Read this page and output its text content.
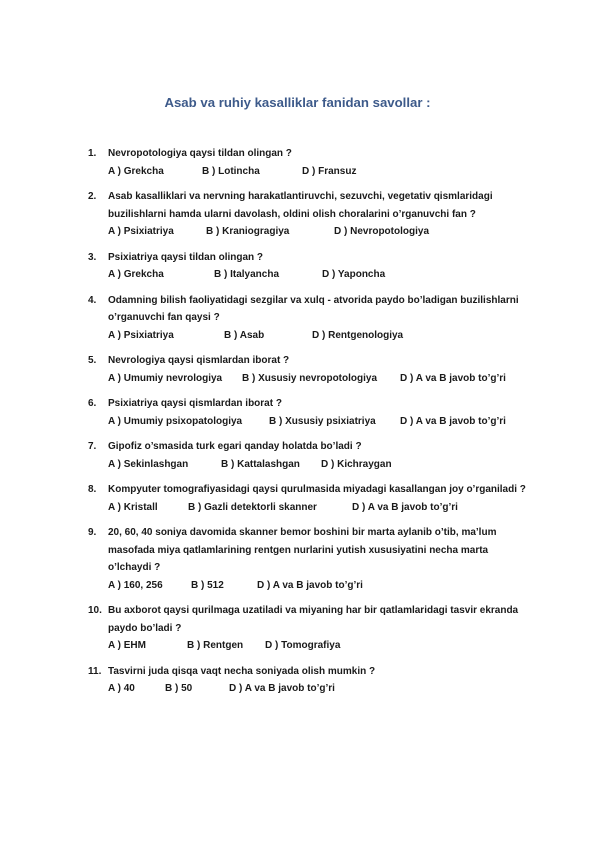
Asab va ruhiy kasalliklar fanidan savollar :
1. Nevropotologiya qaysi tildan olingan ?
A ) Grekcha	B ) Lotincha	D ) Fransuz
2. Asab kasalliklari va nervning harakatlantiruvchi, sezuvchi, vegetativ qismlaridagi buzilishlarni hamda ularni davolash, oldini olish choralarini o’rganuvchi fan ?
A ) Psixiatriya	B ) Kraniogragiya	D ) Nevropotologiya
3. Psixiatriya qaysi tildan olingan ?
A ) Grekcha	B ) Italyancha	D ) Yaponcha
4. Odamning bilish faoliyatidagi sezgilar va xulq - atvorida paydo bo’ladigan buzilishlarni o’rganuvchi fan qaysi ?
A ) Psixiatriya	B ) Asab	D ) Rentgenologiya
5. Nevrologiya qaysi qismlardan iborat ?
A ) Umumiy nevrologiya	B ) Xususiy nevropotologiya	D ) A va B javob to’g’ri
6. Psixiatriya qaysi qismlardan iborat ?
A ) Umumiy psixopatologiya	B ) Xususiy psixiatriya	D ) A va B javob to’g’ri
7. Gipofiz o’smasida turk egari qanday holatda bo’ladi ?
A ) Sekinlashgan	B ) Kattalashgan	D ) Kichraygan
8. Kompyuter tomografiyasidagi qaysi qurulmasida miyadagi kasallangan joy o’rganiladi ?
A ) Kristall	B ) Gazli detektorli skanner	D ) A va B javob to’g’ri
9. 20, 60, 40 soniya davomida skanner bemor boshini bir marta aylanib o’tib, ma’lum masofada miya qatlamlarining rentgen nurlarini yutish xususiyatini necha marta o’lchaydi ?
A ) 160, 256	B ) 512	D ) A va B javob to’g’ri
10. Bu axborot qaysi qurilmaga uzatiladi va miyaning har bir qatlamlaridagi tasvir ekranda paydo bo’ladi ?
A ) EHM	B ) Rentgen	D ) Tomografiya
11. Tasvirni juda qisqa vaqt necha soniyada olish mumkin ?
A ) 40	B ) 50	D ) A va B javob to’g’ri
